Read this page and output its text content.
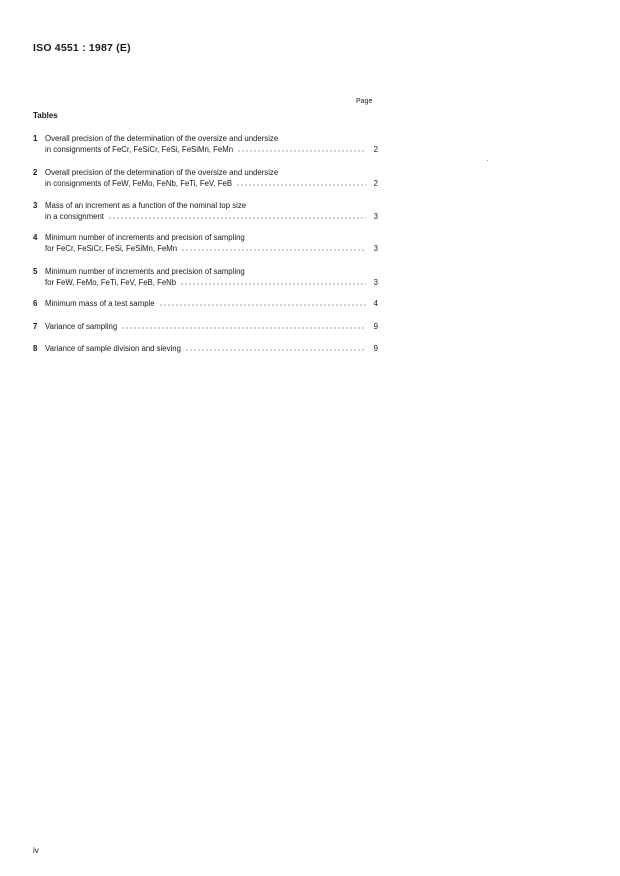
ISO 4551 : 1987 (E)
Page
Tables
1 Overall precision of the determination of the oversize and undersize
in consignments of FeCr, FeSiCr, FeSi, FeSiMn, FeMn	2
2 Overall precision of the determination of the oversize and undersize
in consignments of FeW, FeMo, FeNb, FeTi, FeV, FeB	2
3 Mass of an increment as a function of the nominal top size
in a consignment	3
4 Minimum number of increments and precision of sampling
for FeCr, FeSiCr, FeSi, FeSiMn, FeMn	3
5 Minimum number of increments and precision of sampling
for FeW, FeMo, FeTi, FeV, FeB, FeNb	3
6 Minimum mass of a test sample	4
7 Variance of sampling	9
8 Variance of sample division and sieving	9
iv
